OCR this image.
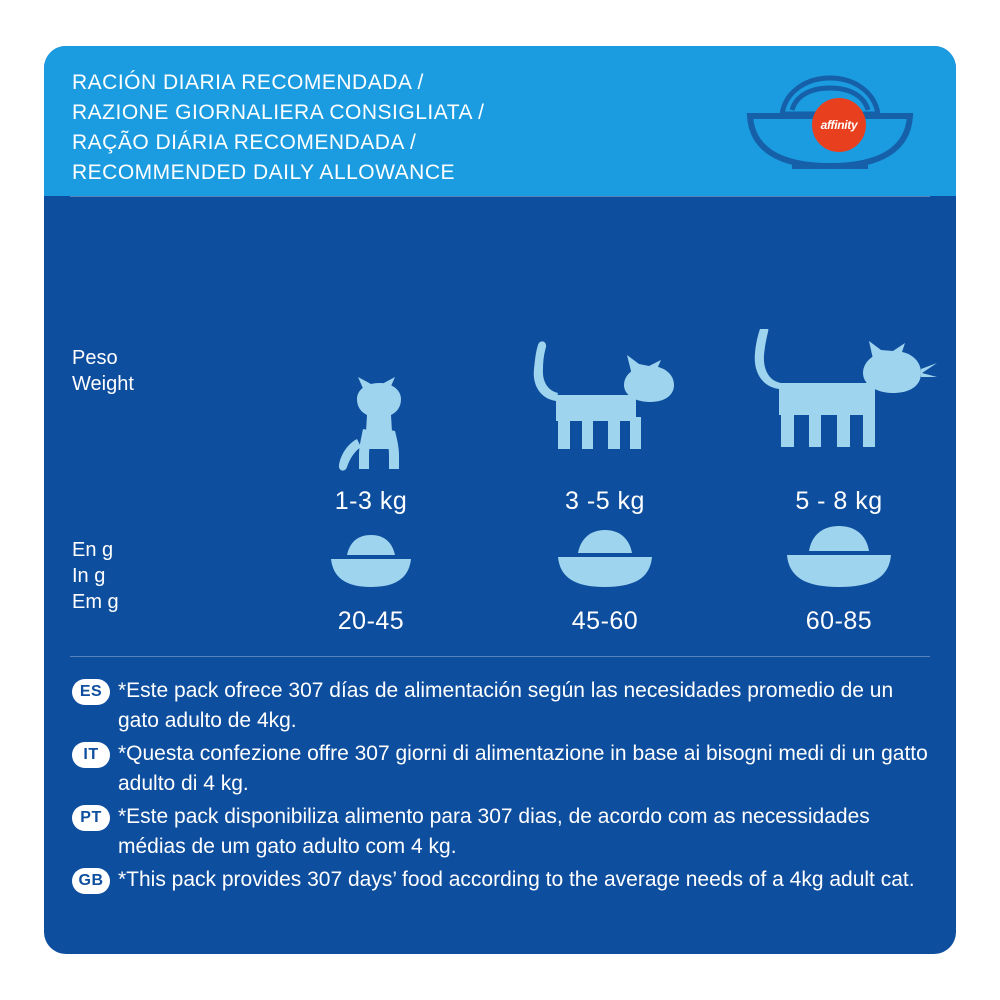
RACIÓN DIARIA RECOMENDADA /
RAZIONE GIORNALIERA CONSIGLIATA /
RAÇÃO DIÁRIA RECOMENDADA /
RECOMMENDED DAILY ALLOWANCE
affinity
Peso
Weight
1-3 kg	3 -5 kg	5 - 8 kg
En g
In g
Em g
20-45	45-60	60-85
ES *Este pack ofrece 307 días de alimentación según las necesidades promedio de un gato adulto de 4kg.
IT *Questa confezione offre 307 giorni di alimentazione in base ai bisogni medi di un gatto adulto di 4 kg.
PT *Este pack disponibiliza alimento para 307 dias, de acordo com as necessidades médias de um gato adulto com 4 kg.
GB *This pack provides 307 days’ food according to the average needs of a 4kg adult cat.
